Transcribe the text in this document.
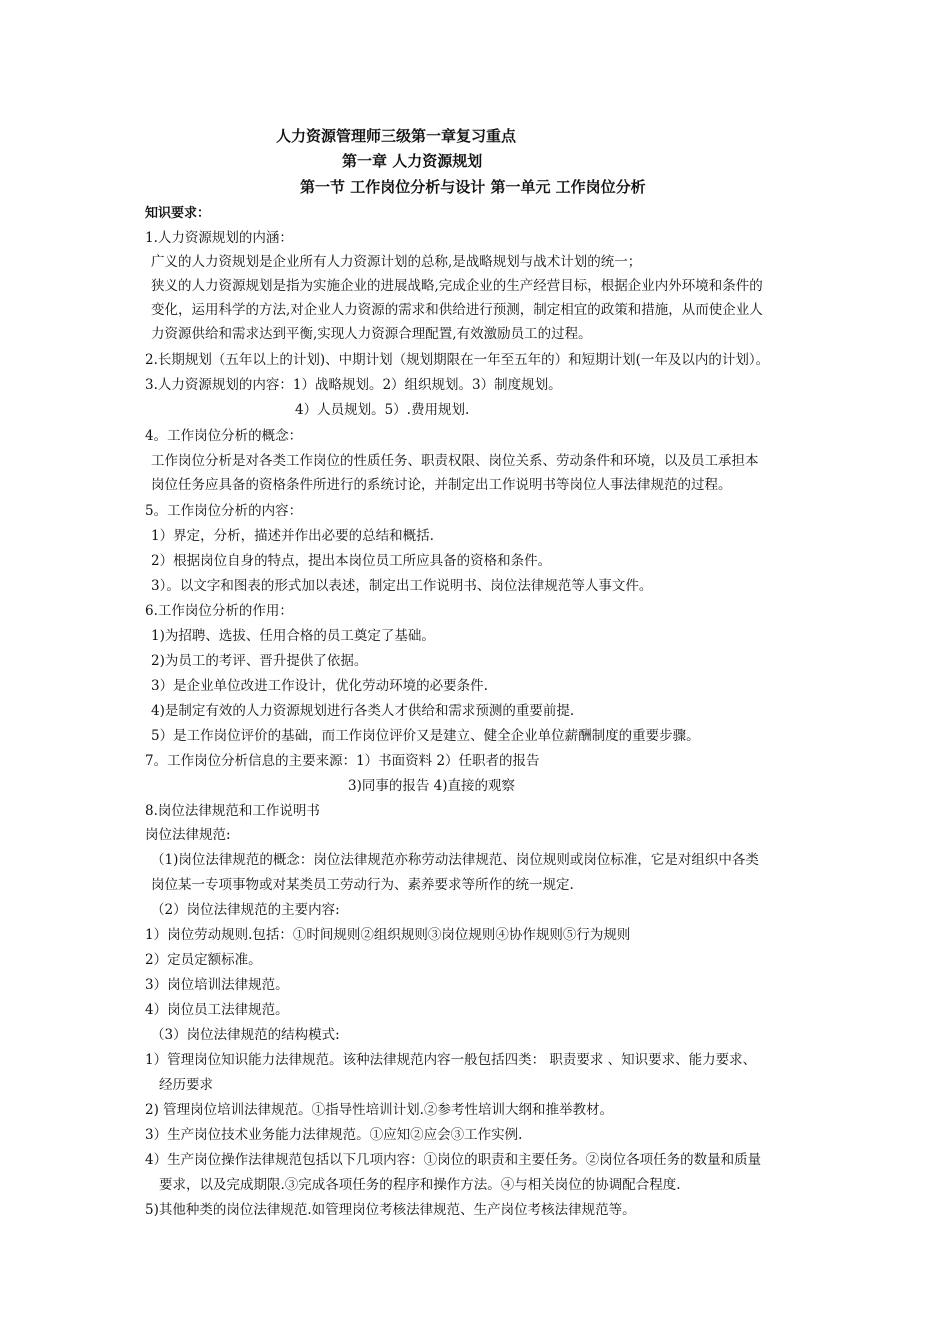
人力资源管理师三级第一章复习重点
第一章 人力资源规划
第一节 工作岗位分析与设计 第一单元 工作岗位分析
知识要求：
1.人力资源规划的内涵：
广义的人力资规划是企业所有人力资源计划的总称,是战略规划与战术计划的统一；
狭义的人力资源规划是指为实施企业的进展战略,完成企业的生产经营目标，根据企业内外环境和条件的
变化，运用科学的方法,对企业人力资源的需求和供给进行预测，制定相宜的政策和措施，从而使企业人
力资源供给和需求达到平衡,实现人力资源合理配置,有效激励员工的过程。
2.长期规划（五年以上的计划)、中期计划（规划期限在一年至五年的）和短期计划(一年及以内的计划）。
3.人力资源规划的内容：1）战略规划。2）组织规划。3）制度规划。
4）人员规划。5）.费用规划.
4。工作岗位分析的概念：
工作岗位分析是对各类工作岗位的性质任务、职责权限、岗位关系、劳动条件和环境，以及员工承担本
岗位任务应具备的资格条件所进行的系统讨论，并制定出工作说明书等岗位人事法律规范的过程。
5。工作岗位分析的内容：
1）界定，分析，描述并作出必要的总结和概括.
2）根据岗位自身的特点，提出本岗位员工所应具备的资格和条件。
3）。以文字和图表的形式加以表述，制定出工作说明书、岗位法律规范等人事文件。
6.工作岗位分析的作用：
1)为招聘、选拔、任用合格的员工奠定了基础。
2)为员工的考评、晋升提供了依据。
3）是企业单位改进工作设计，优化劳动环境的必要条件.
4)是制定有效的人力资源规划进行各类人才供给和需求预测的重要前提.
5）是工作岗位评价的基础，而工作岗位评价又是建立、健全企业单位薪酬制度的重要步骤。
7。工作岗位分析信息的主要来源：1）书面资料 2）任职者的报告
3)同事的报告 4)直接的观察
8.岗位法律规范和工作说明书
岗位法律规范:
（1)岗位法律规范的概念：岗位法律规范亦称劳动法律规范、岗位规则或岗位标准，它是对组织中各类
岗位某一专项事物或对某类员工劳动行为、素养要求等所作的统一规定.
（2）岗位法律规范的主要内容:
1）岗位劳动规则.包括：①时间规则②组织规则③岗位规则④协作规则⑤行为规则
2）定员定额标准。
3）岗位培训法律规范。
4）岗位员工法律规范。
（3）岗位法律规范的结构模式:
1）管理岗位知识能力法律规范。该种法律规范内容一般包括四类： 职责要求 、知识要求、能力要求、
经历要求
2) 管理岗位培训法律规范。①指导性培训计划.②参考性培训大纲和推举教材。
3）生产岗位技术业务能力法律规范。①应知②应会③工作实例.
4）生产岗位操作法律规范包括以下几项内容：①岗位的职责和主要任务。②岗位各项任务的数量和质量
要求，以及完成期限.③完成各项任务的程序和操作方法。④与相关岗位的协调配合程度.
5)其他种类的岗位法律规范.如管理岗位考核法律规范、生产岗位考核法律规范等。
